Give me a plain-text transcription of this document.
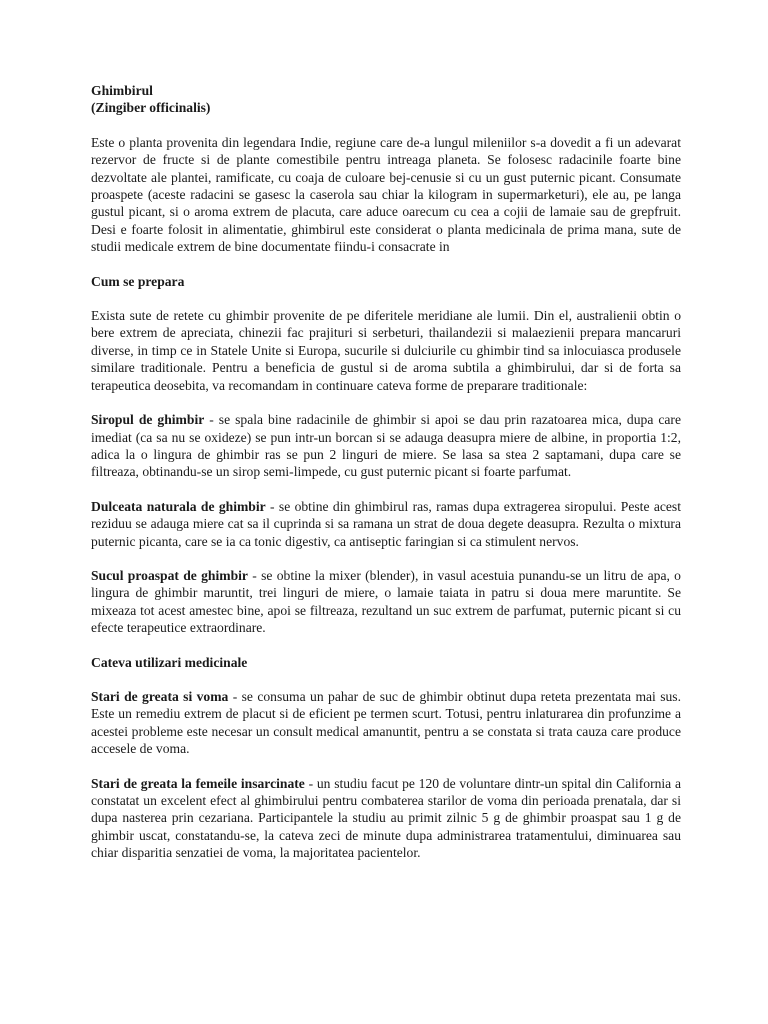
Ghimbirul
(Zingiber officinalis)

Este o planta provenita din legendara Indie, regiune care de-a lungul mileniilor s-a dovedit a fi un adevarat rezervor de fructe si de plante comestibile pentru intreaga planeta. Se folosesc radacinile foarte bine dezvoltate ale plantei, ramificate, cu coaja de culoare bej-cenusie si cu un gust puternic picant. Consumate proaspete (aceste radacini se gasesc la caserola sau chiar la kilogram in supermarketuri), ele au, pe langa gustul picant, si o aroma extrem de placuta, care aduce oarecum cu cea a cojii de lamaie sau de grepfruit. Desi e foarte folosit in alimentatie, ghimbirul este considerat o planta medicinala de prima mana, sute de studii medicale extrem de bine documentate fiindu-i consacrate in

Cum se prepara

Exista sute de retete cu ghimbir provenite de pe diferitele meridiane ale lumii. Din el, australienii obtin o bere extrem de apreciata, chinezii fac prajituri si serbeturi, thailandezii si malaezienii prepara mancaruri diverse, in timp ce in Statele Unite si Europa, sucurile si dulciurile cu ghimbir tind sa inlocuiasca produsele similare traditionale. Pentru a beneficia de gustul si de aroma subtila a ghimbirului, dar si de forta sa terapeutica deosebita, va recomandam in continuare cateva forme de preparare traditionale:

Siropul de ghimbir - se spala bine radacinile de ghimbir si apoi se dau prin razatoarea mica, dupa care imediat (ca sa nu se oxideze) se pun intr-un borcan si se adauga deasupra miere de albine, in proportia 1:2, adica la o lingura de ghimbir ras se pun 2 linguri de miere. Se lasa sa stea 2 saptamani, dupa care se filtreaza, obtinandu-se un sirop semi-limpede, cu gust puternic picant si foarte parfumat.

Dulceata naturala de ghimbir - se obtine din ghimbirul ras, ramas dupa extragerea siropului. Peste acest reziduu se adauga miere cat sa il cuprinda si sa ramana un strat de doua degete deasupra. Rezulta o mixtura puternic picanta, care se ia ca tonic digestiv, ca antiseptic faringian si ca stimulent nervos.

Sucul proaspat de ghimbir - se obtine la mixer (blender), in vasul acestuia punandu-se un litru de apa, o lingura de ghimbir maruntit, trei linguri de miere, o lamaie taiata in patru si doua mere maruntite. Se mixeaza tot acest amestec bine, apoi se filtreaza, rezultand un suc extrem de parfumat, puternic picant si cu efecte terapeutice extraordinare.

Cateva utilizari medicinale

Stari de greata si voma - se consuma un pahar de suc de ghimbir obtinut dupa reteta prezentata mai sus. Este un remediu extrem de placut si de eficient pe termen scurt. Totusi, pentru inlaturarea din profunzime a acestei probleme este necesar un consult medical amanuntit, pentru a se constata si trata cauza care produce accesele de voma.

Stari de greata la femeile insarcinate - un studiu facut pe 120 de voluntare dintr-un spital din California a constatat un excelent efect al ghimbirului pentru combaterea starilor de voma din perioada prenatala, dar si dupa nasterea prin cezariana. Participantele la studiu au primit zilnic 5 g de ghimbir proaspat sau 1 g de ghimbir uscat, constatandu-se, la cateva zeci de minute dupa administrarea tratamentului, diminuarea sau chiar disparitia senzatiei de voma, la majoritatea pacientelor.
